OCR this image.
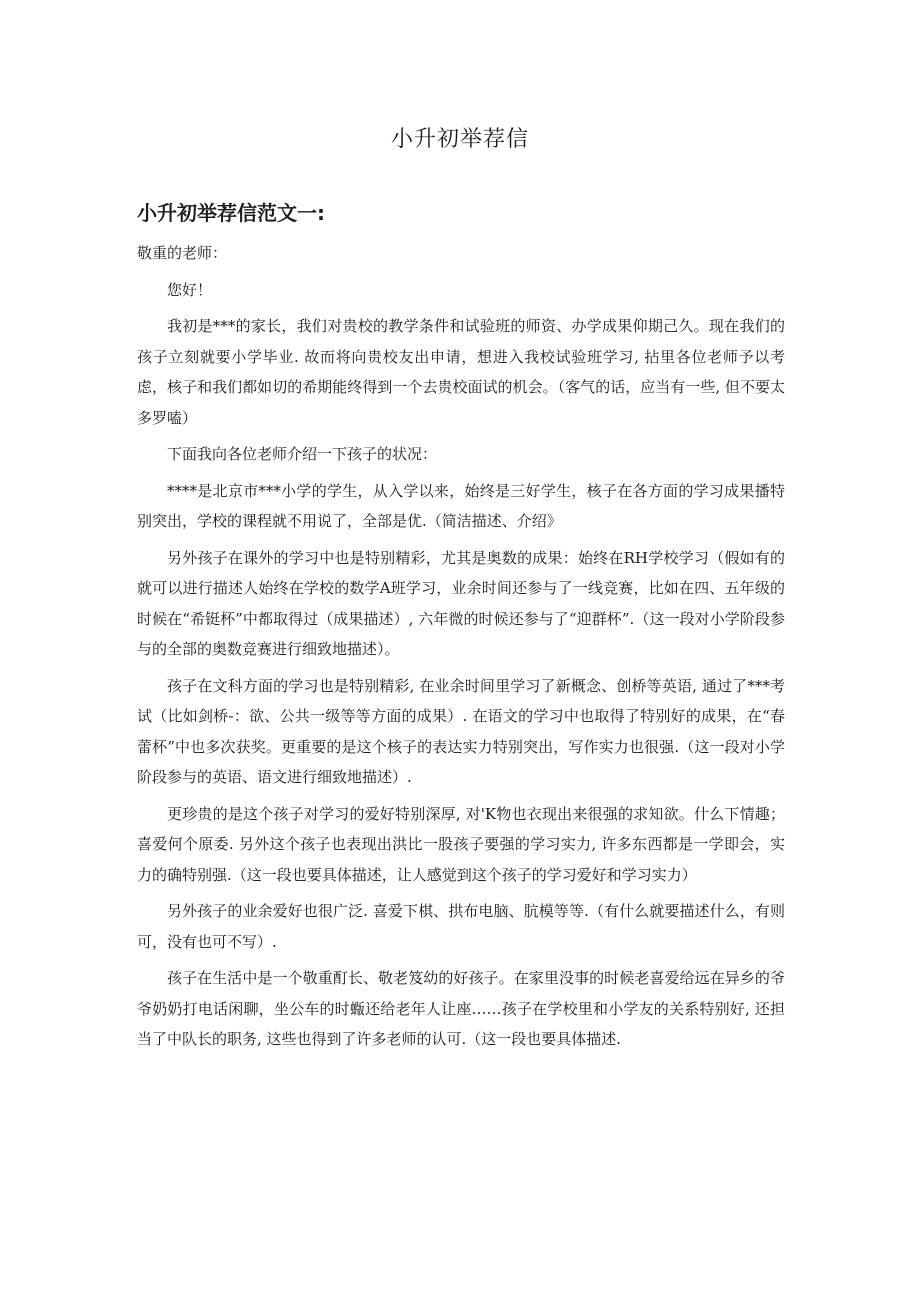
小升初举荐信
小升初举荐信范文一:

敬重的老师：

您好！

我初是***的家长，我们对贵校的教学条件和试验班的师资、办学成果仰期己久。现在我们的孩子立刻就要小学毕业. 故而将向贵校友出申请，想进入我校试验班学习, 拈里各位老师予以考虑，核子和我们都如切的希期能终得到一个去贵校面试的机会。（客气的话，应当有一些, 但不要太多罗嗑）

下面我向各位老师介绍一下孩子的状况：

****是北京市***小学的学生，从入学以来，始终是三好学生，核子在各方面的学习成果播特别突出，学校的课程就不用说了，全部是优.（简洁描述、介绍》

另外孩子在课外的学习中也是特别精彩，尤其是奥数的成果：始终在RH学校学习（假如有的就可以进行描述人始终在学校的数学A班学习，业余时间还参与了一线竞赛，比如在四、五年级的时候在“希铤杯”中都取得过（成果描述）, 六年微的时候还参与了“迎群杯”.（这一段对小学阶段参与的全部的奥数竞赛进行细致地描述）。

孩子在文科方面的学习也是特别精彩, 在业余时间里学习了新概念、创桥等英语, 通过了***考试（比如剑桥-：欲、公共一级等等方面的成果）. 在语文的学习中也取得了特别好的成果，在“春蕾杯”中也多次获奖。更重要的是这个核子的表达实力特别突出，写作实力也很强.（这一段对小学阶段参与的英语、语文进行细致地描述）.

更珍贵的是这个孩子对学习的爱好特别深厚, 对'K物也衣现出来很强的求知欲。什么下情趣；喜爱何个原委. 另外这个孩子也表现出洪比一股孩子要强的学习实力, 许多东西都是一学即会，实力的确特别强.（这一段也要具体描述，让人感觉到这个孩子的学习爱好和学习实力）

另外孩子的业余爱好也很广泛. 喜爱下棋、拱布电脑、肮模等等.（有什么就要描述什么，有则可，没有也可不写）.

孩子在生活中是一个敬重酊长、敬老笈幼的好孩子。在家里没事的时候老喜爱给远在异乡的爷爷奶奶打电话闲聊，坐公车的时蝂还给老年人让座……孩子在学校里和小学友的关系特别好, 还担当了中队长的职务, 这些也得到了许多老师的认可.（这一段也要具体描述.
